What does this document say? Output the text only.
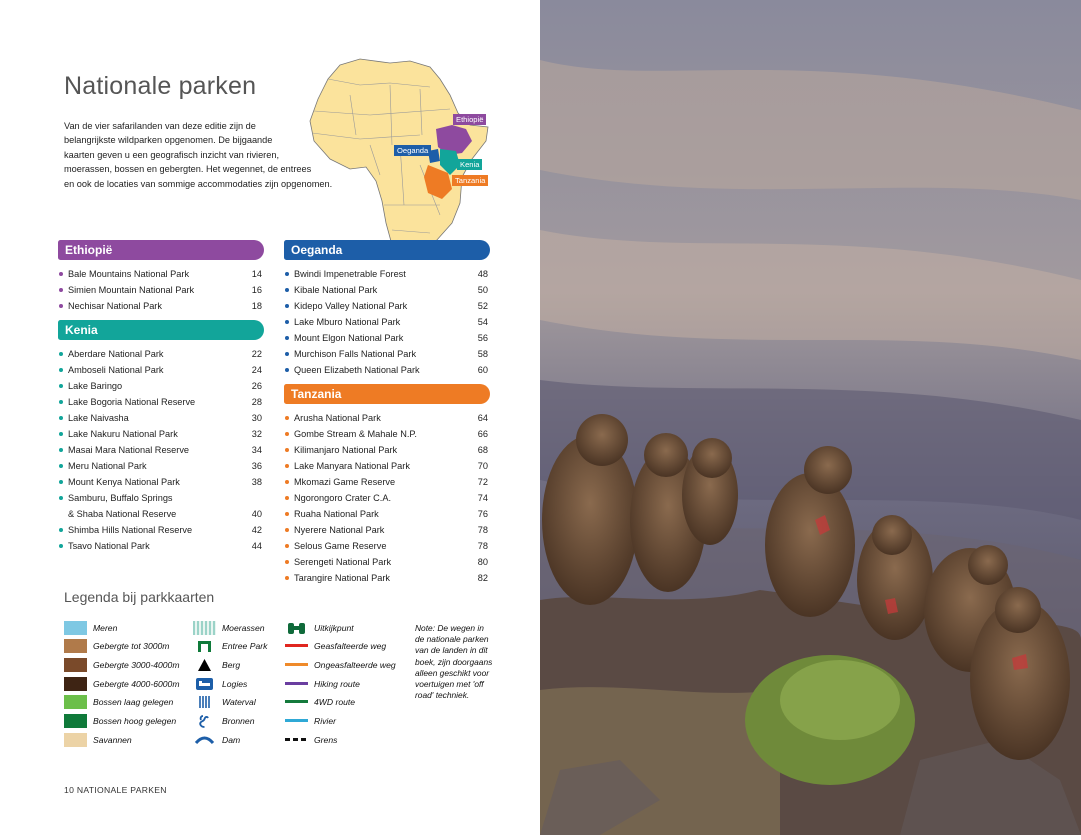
Nationale parken
Van de vier safarilanden van deze editie zijn de
belangrijkste wildparken opgenomen. De bijgaande
kaarten geven u een geografisch inzicht van rivieren,
moerassen, bossen en gebergten. Het wegennet, de entrees
en ook de locaties van sommige accommodaties zijn opgenomen.
Ethiopië
Oeganda
Kenia
Tanzania
Ethiopië
Bale Mountains National Park	14
Simien Mountain National Park	16
Nechisar National Park	18
Kenia
Aberdare National Park	22
Amboseli National Park	24
Lake Baringo	26
Lake Bogoria National Reserve	28
Lake Naivasha	30
Lake Nakuru National Park	32
Masai Mara National Reserve	34
Meru National Park	36
Mount Kenya National Park	38
Samburu, Buffalo Springs
& Shaba National Reserve	40
Shimba Hills National Reserve	42
Tsavo National Park	44
Oeganda
Bwindi Impenetrable Forest	48
Kibale National Park	50
Kidepo Valley National Park	52
Lake Mburo National Park	54
Mount Elgon National Park	56
Murchison Falls National Park	58
Queen Elizabeth National Park	60
Tanzania
Arusha National Park	64
Gombe Stream & Mahale N.P.	66
Kilimanjaro National Park	68
Lake Manyara National Park	70
Mkomazi Game Reserve	72
Ngorongoro Crater C.A.	74
Ruaha National Park	76
Nyerere National Park	78
Selous Game Reserve	78
Serengeti National Park	80
Tarangire National Park	82
Legenda bij parkkaarten
Meren
Gebergte tot 3000m
Gebergte 3000-4000m
Gebergte 4000-6000m
Bossen laag gelegen
Bossen hoog gelegen
Savannen
Moerassen
Entree Park
Berg
Logies
Waterval
Bronnen
Dam
Uitkijkpunt
Geasfalteerde weg
Ongeasfalteerde weg
Hiking route
4WD route
Rivier
Grens
Note: De wegen in de nationale parken van de landen in dit boek, zijn doorgaans alleen geschikt voor voertuigen met 'off road' techniek.
10 NATIONALE PARKEN
